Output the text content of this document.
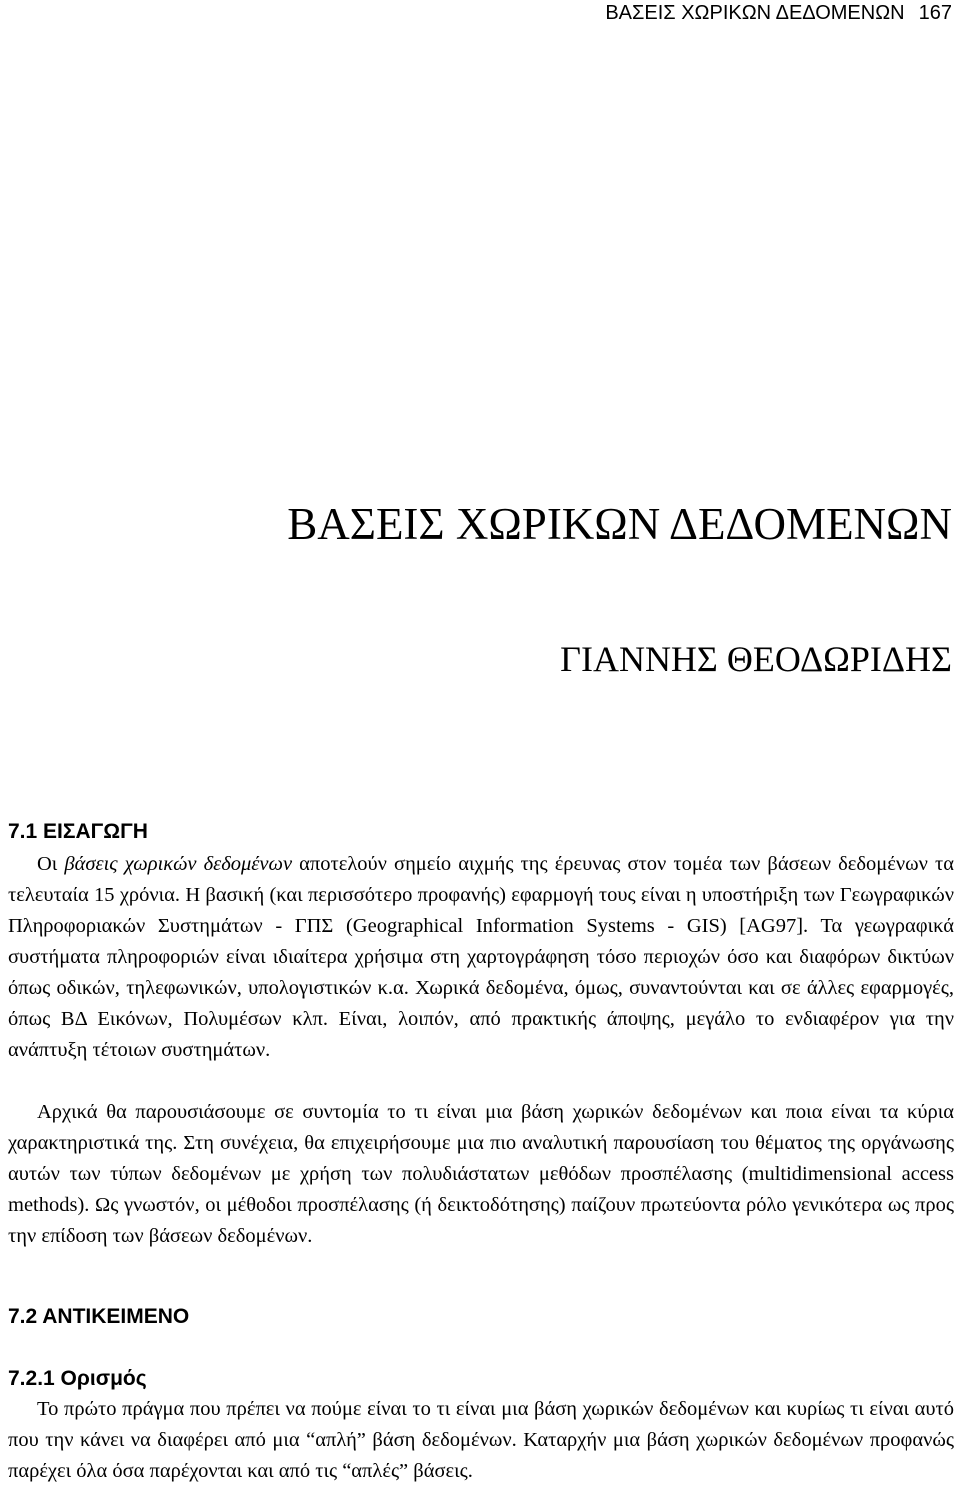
ΒΑΣΕΙΣ ΧΩΡΙΚΩΝ ΔΕΔΟΜΕΝΩΝ 167
ΒΑΣΕΙΣ ΧΩΡΙΚΩΝ ΔΕΔΟΜΕΝΩΝ
ΓΙΑΝΝΗΣ ΘΕΟΔΩΡΙΔΗΣ
7.1 ΕΙΣΑΓΩΓΗ

Οι βάσεις χωρικών δεδομένων αποτελούν σημείο αιχμής της έρευνας στον τομέα των βάσεων δεδομένων τα τελευταία 15 χρόνια. Η βασική (και περισσότερο προφανής) εφαρμογή τους είναι η υποστήριξη των Γεωγραφικών Πληροφοριακών Συστημάτων - ΓΠΣ (Geographical Information Systems - GIS) [AG97]. Τα γεωγραφικά συστήματα πληροφοριών είναι ιδιαίτερα χρήσιμα στη χαρτογράφηση τόσο περιοχών όσο και διαφόρων δικτύων όπως οδικών, τηλεφωνικών, υπολογιστικών κ.α. Χωρικά δεδομένα, όμως, συναντούνται και σε άλλες εφαρμογές, όπως ΒΔ Εικόνων, Πολυμέσων κλπ. Είναι, λοιπόν, από πρακτικής άποψης, μεγάλο το ενδιαφέρον για την ανάπτυξη τέτοιων συστημάτων.

Αρχικά θα παρουσιάσουμε σε συντομία το τι είναι μια βάση χωρικών δεδομένων και ποια είναι τα κύρια χαρακτηριστικά της. Στη συνέχεια, θα επιχειρήσουμε μια πιο αναλυτική παρουσίαση του θέματος της οργάνωσης αυτών των τύπων δεδομένων με χρήση των πολυδιάστατων μεθόδων προσπέλασης (multidimensional access methods). Ως γνωστόν, οι μέθοδοι προσπέλασης (ή δεικτοδότησης) παίζουν πρωτεύοντα ρόλο γενικότερα ως προς την επίδοση των βάσεων δεδομένων.

7.2 ΑΝΤΙΚΕΙΜΕΝΟ
7.2.1 Ορισμός

Το πρώτο πράγμα που πρέπει να πούμε είναι το τι είναι μια βάση χωρικών δεδομένων και κυρίως τι είναι αυτό που την κάνει να διαφέρει από μια “απλή” βάση δεδομένων. Καταρχήν μια βάση χωρικών δεδομένων προφανώς παρέχει όλα όσα παρέχονται και από τις “απλές” βάσεις.
